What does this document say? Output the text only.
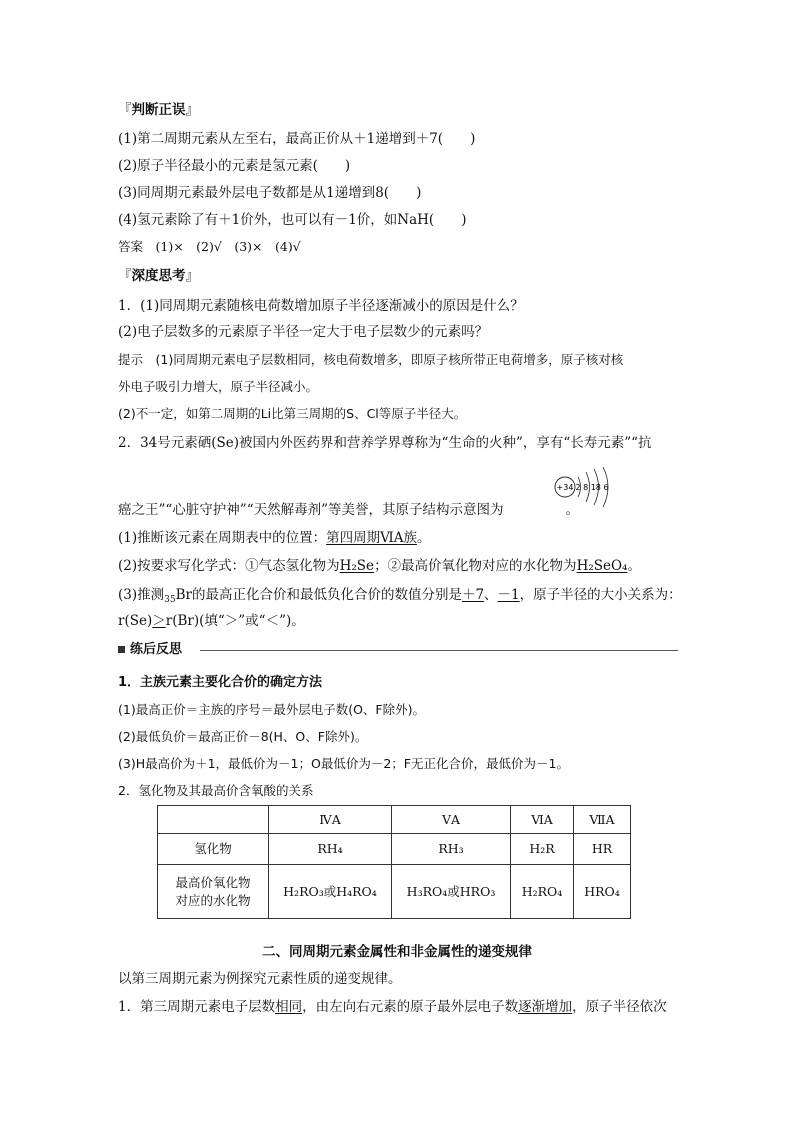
『判断正误』
(1)第二周期元素从左至右，最高正价从＋1递增到＋7(　　)
(2)原子半径最小的元素是氢元素(　　)
(3)同周期元素最外层电子数都是从1递增到8(　　)
(4)氢元素除了有＋1价外，也可以有－1价，如NaH(　　)
答案　(1)×　(2)√　(3)×　(4)√
『深度思考』
1．(1)同周期元素随核电荷数增加原子半径逐渐减小的原因是什么？
(2)电子层数多的元素原子半径一定大于电子层数少的元素吗？
提示　(1)同周期元素电子层数相同，核电荷数增多，即原子核所带正电荷增多，原子核对核
外电子吸引力增大，原子半径减小。
(2)不一定，如第二周期的Li比第三周期的S、Cl等原子半径大。
2．34号元素硒(Se)被国内外医药界和营养学界尊称为“生命的火种”，享有“长寿元素”“抗
癌之王”“心脏守护神”“天然解毒剂”等美誉，其原子结构示意图为	。
+34 2 8 18 6
(1)推断该元素在周期表中的位置：第四周期ⅥA族。
(2)按要求写化学式：①气态氢化物为H₂Se；②最高价氧化物对应的水化物为H₂SeO₄。
(3)推测$_{35}$Br的最高正化合价和最低负化合价的数值分别是＋7、－1，原子半径的大小关系为：
r(Se)＞r(Br)(填“＞”或“＜”)。
练后反思
1．主族元素主要化合价的确定方法
(1)最高正价＝主族的序号＝最外层电子数(O、F除外)。
(2)最低负价＝最高正价－8(H、O、F除外)。
(3)H最高价为＋1，最低价为－1；O最低价为－2；F无正化合价，最低价为－1。
2．氢化物及其最高价含氧酸的关系
	ⅣA	ⅤA	ⅥA	ⅦA
氢化物	RH₄	RH₃	H₂R	HR

最高价氧化物
对应的水化物	H₂RO₃或H₄RO₄	H₃RO₄或HRO₃	H₂RO₄	HRO₄
二、同周期元素金属性和非金属性的递变规律
以第三周期元素为例探究元素性质的递变规律。
1．第三周期元素电子层数相同，由左向右元素的原子最外层电子数逐渐增加，原子半径依次
